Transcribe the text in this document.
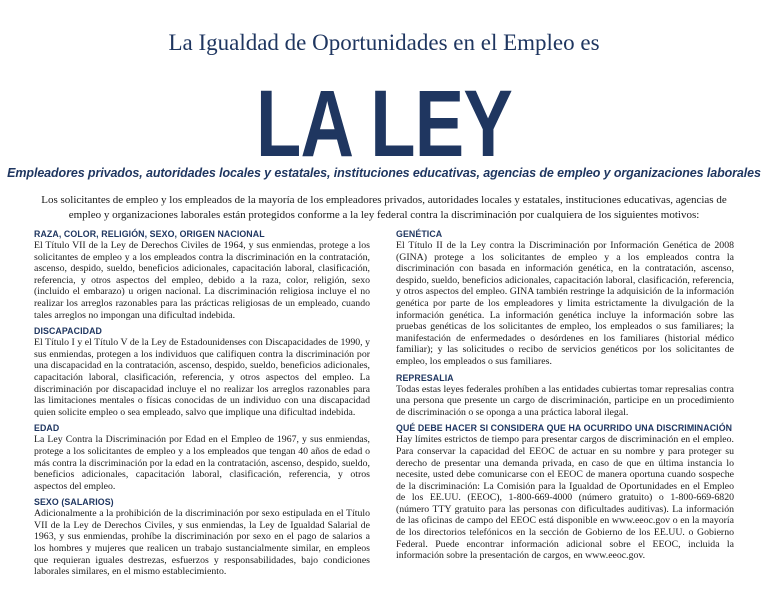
La Igualdad de Oportunidades en el Empleo es
LA LEY
Empleadores privados, autoridades locales y estatales, instituciones educativas, agencias de empleo y organizaciones laborales
Los solicitantes de empleo y los empleados de la mayoría de los empleadores privados, autoridades locales y estatales, instituciones educativas, agencias de empleo y organizaciones laborales están protegidos conforme a la ley federal contra la discriminación por cualquiera de los siguientes motivos:
RAZA, COLOR, RELIGIÓN, SEXO, ORIGEN NACIONAL

El Título VII de la Ley de Derechos Civiles de 1964, y sus enmiendas, protege a los solicitantes de empleo y a los empleados contra la discriminación en la contratación, ascenso, despido, sueldo, beneficios adicionales, capacitación laboral, clasificación, referencia, y otros aspectos del empleo, debido a la raza, color, religión, sexo (incluido el embarazo) u origen nacional. La discriminación religiosa incluye el no realizar los arreglos razonables para las prácticas religiosas de un empleado, cuando tales arreglos no impongan una dificultad indebida.

DISCAPACIDAD

El Título I y el Título V de la Ley de Estadounidenses con Discapacidades de 1990, y sus enmiendas, protegen a los individuos que califiquen contra la discriminación por una discapacidad en la contratación, ascenso, despido, sueldo, beneficios adicionales, capacitación laboral, clasificación, referencia, y otros aspectos del empleo. La discriminación por discapacidad incluye el no realizar los arreglos razonables para las limitaciones mentales o físicas conocidas de un individuo con una discapacidad quien solicite empleo o sea empleado, salvo que implique una dificultad indebida.

EDAD

La Ley Contra la Discriminación por Edad en el Empleo de 1967, y sus enmiendas, protege a los solicitantes de empleo y a los empleados que tengan 40 años de edad o más contra la discriminación por la edad en la contratación, ascenso, despido, sueldo, beneficios adicionales, capacitación laboral, clasificación, referencia, y otros aspectos del empleo.

SEXO (SALARIOS)

Adicionalmente a la prohibición de la discriminación por sexo estipulada en el Título VII de la Ley de Derechos Civiles, y sus enmiendas, la Ley de Igualdad Salarial de 1963, y sus enmiendas, prohíbe la discriminación por sexo en el pago de salarios a los hombres y mujeres que realicen un trabajo sustancialmente similar, en empleos que requieran iguales destrezas, esfuerzos y responsabilidades, bajo condiciones laborales similares, en el mismo establecimiento.

GENÉTICA

El Título II de la Ley contra la Discriminación por Información Genética de 2008 (GINA) protege a los solicitantes de empleo y a los empleados contra la discriminación con basada en información genética, en la contratación, ascenso, despido, sueldo, beneficios adicionales, capacitación laboral, clasificación, referencia, y otros aspectos del empleo. GINA también restringe la adquisición de la información genética por parte de los empleadores y limita estrictamente la divulgación de la información genética. La información genética incluye la información sobre las pruebas genéticas de los solicitantes de empleo, los empleados o sus familiares; la manifestación de enfermedades o desórdenes en los familiares (historial médico familiar); y las solicitudes o recibo de servicios genéticos por los solicitantes de empleo, los empleados o sus familiares.

REPRESALIA

Todas estas leyes federales prohíben a las entidades cubiertas tomar represalias contra una persona que presente un cargo de discriminación, participe en un procedimiento de discriminación o se oponga a una práctica laboral ilegal.

QUÉ DEBE HACER SI CONSIDERA QUE HA OCURRIDO UNA DISCRIMINACIÓN

Hay límites estrictos de tiempo para presentar cargos de discriminación en el empleo. Para conservar la capacidad del EEOC de actuar en su nombre y para proteger su derecho de presentar una demanda privada, en caso de que en última instancia lo necesite, usted debe comunicarse con el EEOC de manera oportuna cuando sospeche de la discriminación: La Comisión para la Igualdad de Oportunidades en el Empleo de los EE.UU. (EEOC), 1-800-669-4000 (número gratuito) o 1-800-669-6820 (número TTY gratuito para las personas con dificultades auditivas). La información de las oficinas de campo del EEOC está disponible en www.eeoc.gov o en la mayoría de los directorios telefónicos en la sección de Gobierno de los EE.UU. o Gobierno Federal. Puede encontrar información adicional sobre el EEOC, incluida la información sobre la presentación de cargos, en www.eeoc.gov.
